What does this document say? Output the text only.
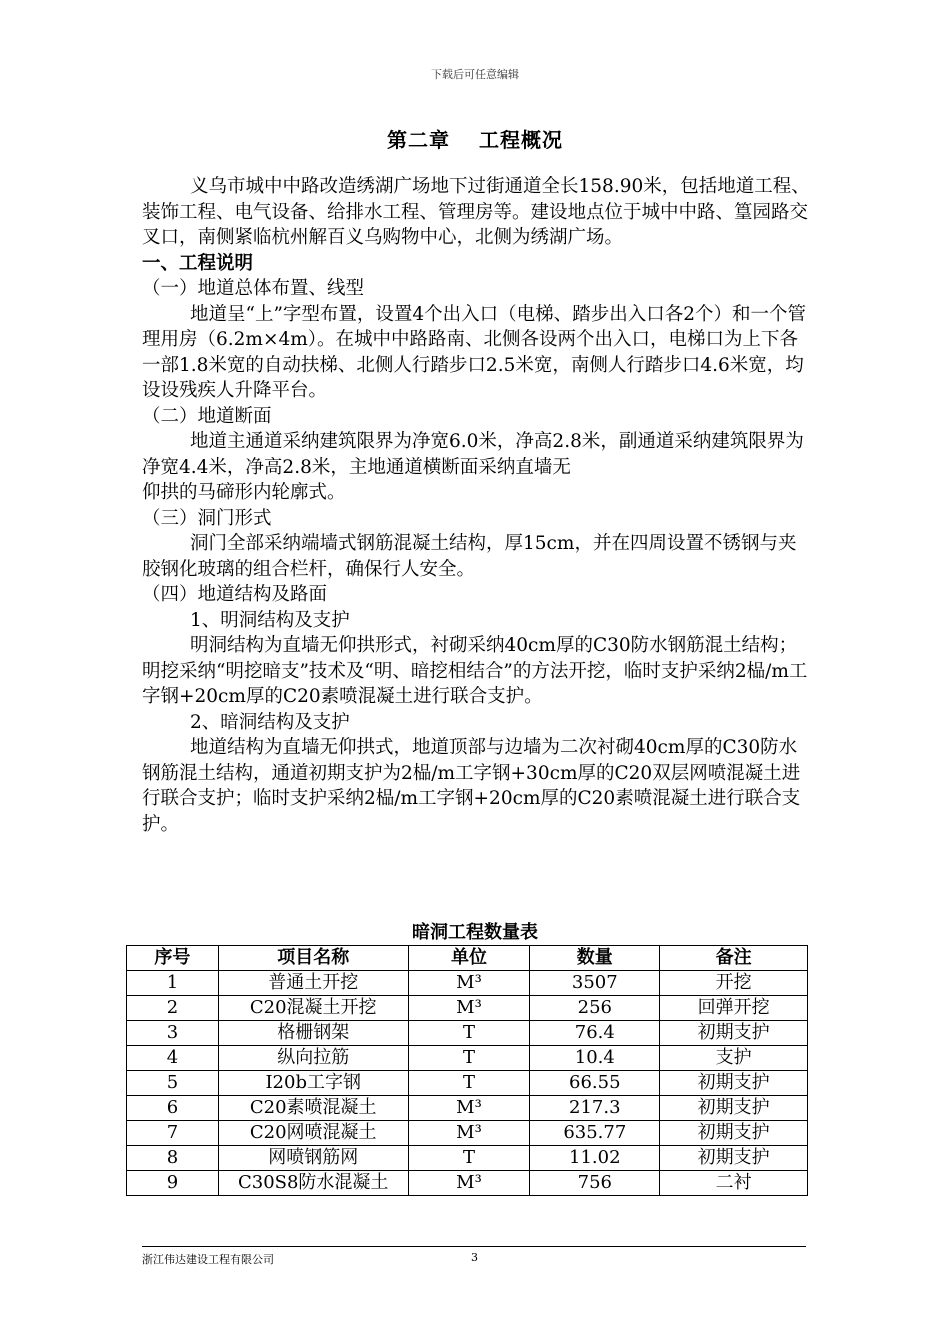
下载后可任意编辑
第二章　 工程概况

义乌市城中中路改造绣湖广场地下过街通道全长158.90米，包括地道工程、装饰工程、电气设备、给排水工程、管理房等。建设地点位于城中中路、篁园路交叉口，南侧紧临杭州解百义乌购物中心，北侧为绣湖广场。

一、工程说明

（一）地道总体布置、线型

地道呈“上”字型布置，设置4个出入口（电梯、踏步出入口各2个）和一个管理用房（6.2m×4m）。在城中中路路南、北侧各设两个出入口，电梯口为上下各一部1.8米宽的自动扶梯、北侧人行踏步口2.5米宽，南侧人行踏步口4.6米宽，均设设残疾人升降平台。

（二）地道断面

地道主通道采纳建筑限界为净宽6.0米，净高2.8米，副通道采纳建筑限界为净宽4.4米，净高2.8米，主地通道横断面采纳直墙无

仰拱的马碲形内轮廓式。

（三）洞门形式

洞门全部采纳端墙式钢筋混凝土结构，厚15cm，并在四周设置不锈钢与夹胶钢化玻璃的组合栏杆，确保行人安全。

（四）地道结构及路面

1、明洞结构及支护

明洞结构为直墙无仰拱形式，衬砌采纳40cm厚的C30防水钢筋混土结构；明挖采纳“明挖暗支”技术及“明、暗挖相结合”的方法开挖，临时支护采纳2榀/m工字钢+20cm厚的C20素喷混凝土进行联合支护。

2、暗洞结构及支护

地道结构为直墙无仰拱式，地道顶部与边墙为二次衬砌40cm厚的C30防水钢筋混土结构，通道初期支护为2榀/m工字钢+30cm厚的C20双层网喷混凝土进行联合支护；临时支护采纳2榀/m工字钢+20cm厚的C20素喷混凝土进行联合支护。

暗洞工程数量表
序号	项目名称	单位	数量	备注
1	普通土开挖	M³	3507	开挖
2	C20混凝土开挖	M³	256	回弹开挖
3	格栅钢架	T	76.4	初期支护
4	纵向拉筋	T	10.4	支护
5	I20b工字钢	T	66.55	初期支护
6	C20素喷混凝土	M³	217.3	初期支护
7	C20网喷混凝土	M³	635.77	初期支护
8	网喷钢筋网	T	11.02	初期支护
9	C30S8防水混凝土	M³	756	二衬
浙江伟达建设工程有限公司	3
